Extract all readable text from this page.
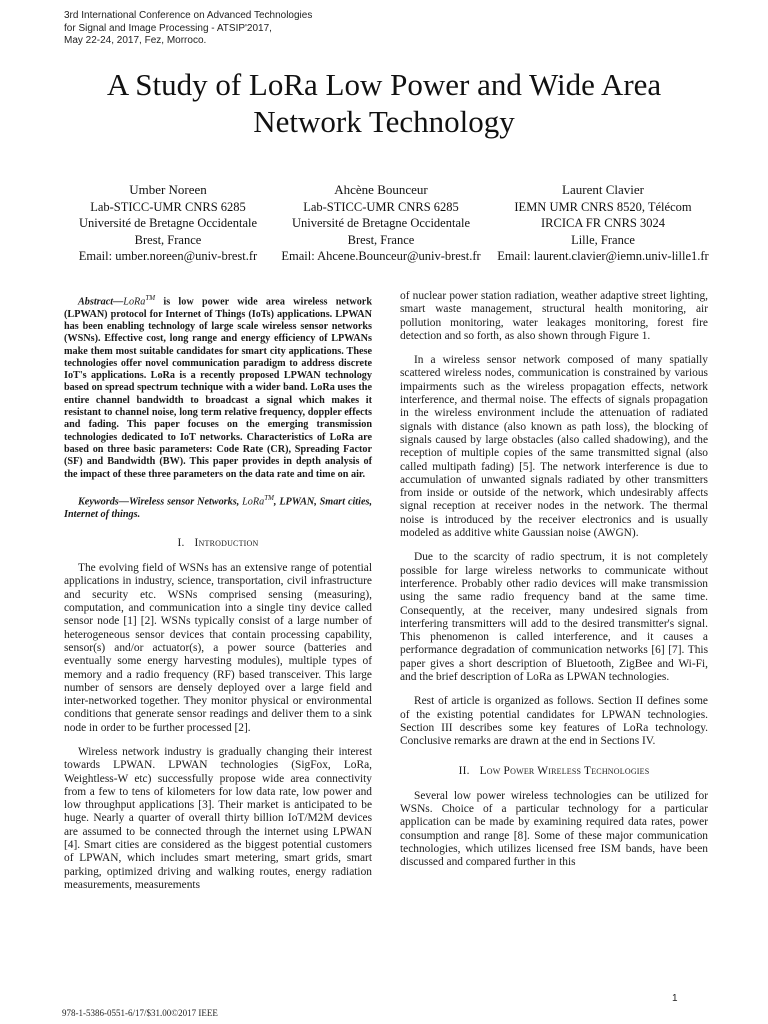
3rd International Conference on Advanced Technologies
for Signal and Image Processing - ATSIP'2017,
May 22-24, 2017, Fez, Morroco.
A Study of LoRa Low Power and Wide Area
Network Technology
Umber Noreen
Lab-STICC-UMR CNRS 6285
Université de Bretagne Occidentale
Brest, France
Email: umber.noreen@univ-brest.fr
Ahcène Bounceur
Lab-STICC-UMR CNRS 6285
Université de Bretagne Occidentale
Brest, France
Email: Ahcene.Bounceur@univ-brest.fr
Laurent Clavier
IEMN UMR CNRS 8520, Télécom
IRCICA FR CNRS 3024
Lille, France
Email: laurent.clavier@iemn.univ-lille1.fr

Abstract—LoRa™ is low power wide area wireless network (LPWAN) protocol for Internet of Things (IoTs) applications. LPWAN has been enabling technology of large scale wireless sensor networks (WSNs). Effective cost, long range and energy efficiency of LPWANs make them most suitable candidates for smart city applications. These technologies offer novel communication paradigm to address discrete IoT's applications. LoRa is a recently proposed LPWAN technology based on spread spectrum technique with a wider band. LoRa uses the entire channel bandwidth to broadcast a signal which makes it resistant to channel noise, long term relative frequency, doppler effects and fading. This paper focuses on the emerging transmission technologies dedicated to IoT networks. Characteristics of LoRa are based on three basic parameters: Code Rate (CR), Spreading Factor (SF) and Bandwidth (BW). This paper provides in depth analysis of the impact of these three parameters on the data rate and time on air.

Keywords—Wireless sensor Networks, LoRa™, LPWAN, Smart cities, Internet of things.

I. Introduction

The evolving field of WSNs has an extensive range of potential applications in industry, science, transportation, civil infrastructure and security etc. WSNs comprised sensing (measuring), computation, and communication into a single tiny device called sensor node [1] [2]. WSNs typically consist of a large number of heterogeneous sensor devices that contain processing capability, sensor(s) and/or actuator(s), a power source (batteries and eventually some energy harvesting modules), multiple types of memory and a radio frequency (RF) based transceiver. This large number of sensors are densely deployed over a large field and inter-networked together. They monitor physical or environmental conditions that generate sensor readings and deliver them to a sink node in order to be further processed [2].

Wireless network industry is gradually changing their interest towards LPWAN. LPWAN technologies (SigFox, LoRa, Weightless-W etc) successfully propose wide area connectivity from a few to tens of kilometers for low data rate, low power and low throughput applications [3]. Their market is anticipated to be huge. Nearly a quarter of overall thirty billion IoT/M2M devices are assumed to be connected through the internet using LPWAN [4]. Smart cities are considered as the biggest potential customers of LPWAN, which includes smart metering, smart grids, smart parking, optimized driving and walking routes, energy radiation measurements, measurements

of nuclear power station radiation, weather adaptive street lighting, smart waste management, structural health monitoring, air pollution monitoring, water leakages monitoring, forest fire detection and so forth, as also shown through Figure 1.

In a wireless sensor network composed of many spatially scattered wireless nodes, communication is constrained by various impairments such as the wireless propagation effects, network interference, and thermal noise. The effects of signals propagation in the wireless environment include the attenuation of radiated signals with distance (also known as path loss), the blocking of signals caused by large obstacles (also called shadowing), and the reception of multiple copies of the same transmitted signal (also called multipath fading) [5]. The network interference is due to accumulation of unwanted signals radiated by other transmitters from inside or outside of the network, which undesirably affects signal reception at receiver nodes in the network. The thermal noise is introduced by the receiver electronics and is usually modeled as additive white Gaussian noise (AWGN).

Due to the scarcity of radio spectrum, it is not completely possible for large wireless networks to communicate without interference. Probably other radio devices will make transmission using the same radio frequency band at the same time. Consequently, at the receiver, many undesired signals from interfering transmitters will add to the desired transmitter's signal. This phenomenon is called interference, and it causes a performance degradation of communication networks [6] [7]. This paper gives a short description of Bluetooth, ZigBee and Wi-Fi, and the brief description of LoRa as LPWAN technologies.

Rest of article is organized as follows. Section II defines some of the existing potential candidates for LPWAN technologies. Section III describes some key features of LoRa technology. Conclusive remarks are drawn at the end in Sections IV.

II. Low Power Wireless Technologies

Several low power wireless technologies can be utilized for WSNs. Choice of a particular technology for a particular application can be made by examining required data rates, power consumption and range [8]. Some of these major communication technologies, which utilizes licensed free ISM bands, have been discussed and compared further in this

1
978-1-5386-0551-6/17/$31.00©2017 IEEE
